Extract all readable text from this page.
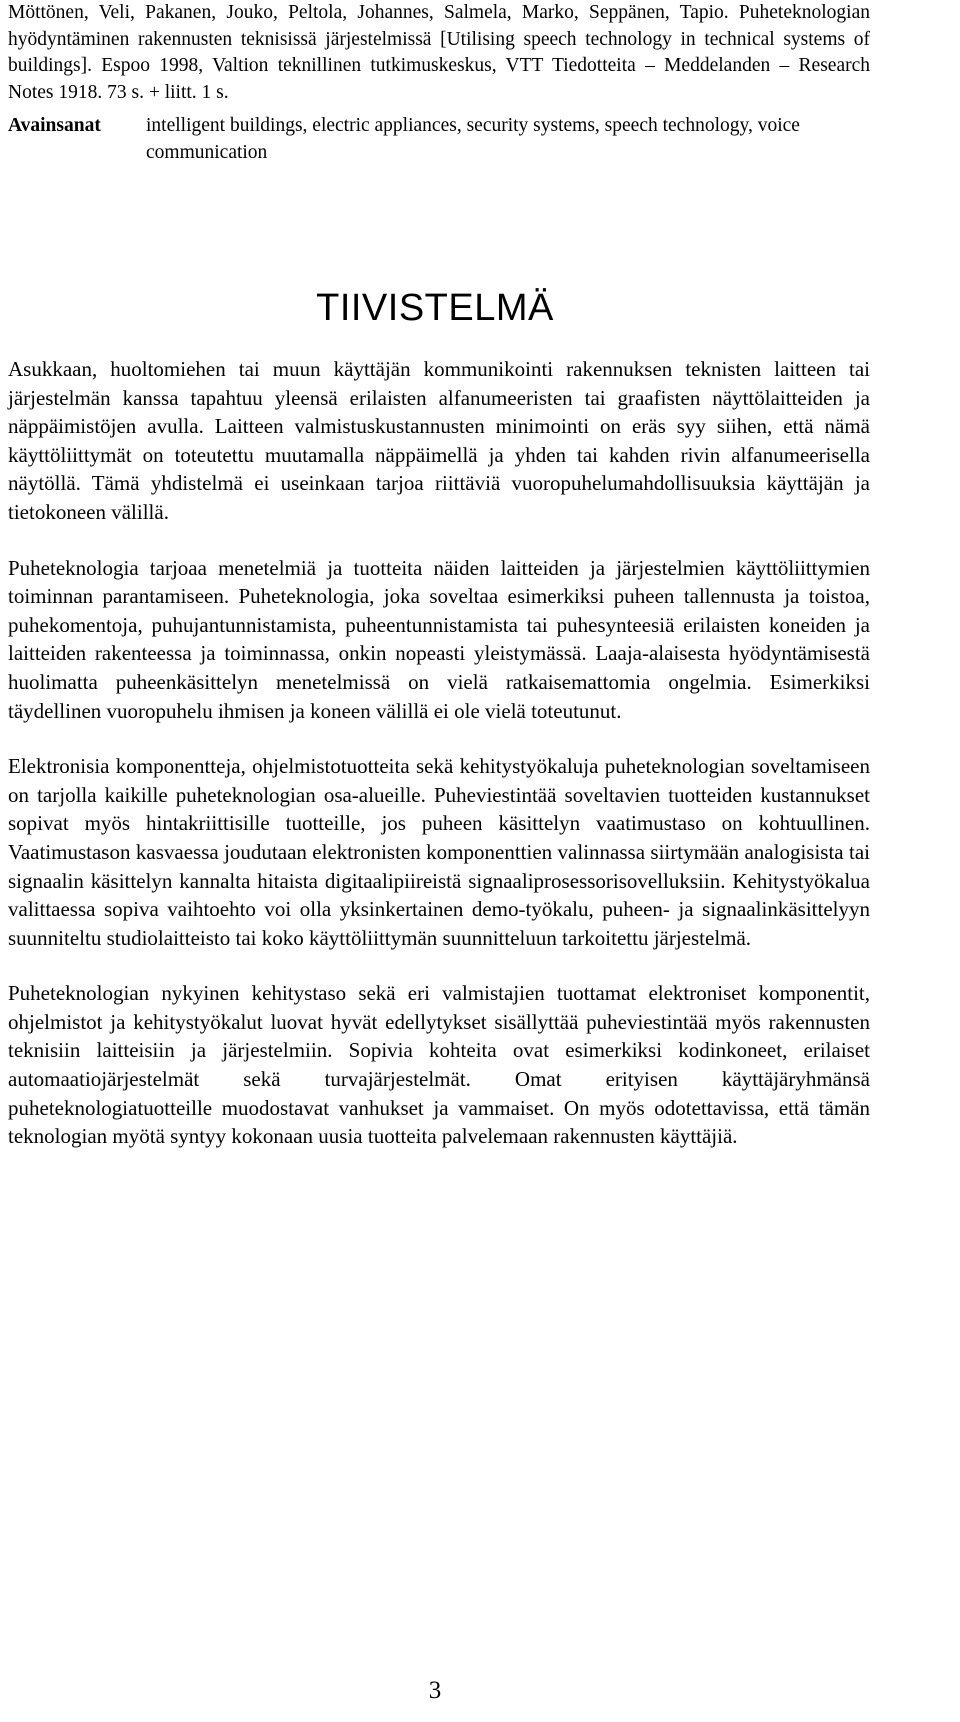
Möttönen, Veli, Pakanen, Jouko, Peltola, Johannes, Salmela, Marko, Seppänen, Tapio. Puheteknologian hyödyntäminen rakennusten teknisissä järjestelmissä [Utilising speech technology in technical systems of buildings]. Espoo 1998, Valtion teknillinen tutkimuskeskus, VTT Tiedotteita – Meddelanden – Research Notes 1918. 73 s. + liitt. 1 s.

Avainsanat	intelligent buildings, electric appliances, security systems, speech technology, voice communication
TIIVISTELMÄ

Asukkaan, huoltomiehen tai muun käyttäjän kommunikointi rakennuksen teknisten laitteen tai järjestelmän kanssa tapahtuu yleensä erilaisten alfanumeeristen tai graafisten näyttölaitteiden ja näppäimistöjen avulla. Laitteen valmistuskustannusten minimointi on eräs syy siihen, että nämä käyttöliittymät on toteutettu muutamalla näppäimellä ja yhden tai kahden rivin alfanumeerisella näytöllä. Tämä yhdistelmä ei useinkaan tarjoa riittäviä vuoropuhelumahdollisuuksia käyttäjän ja tietokoneen välillä.

Puheteknologia tarjoaa menetelmiä ja tuotteita näiden laitteiden ja järjestelmien käyttöliittymien toiminnan parantamiseen. Puheteknologia, joka soveltaa esimerkiksi puheen tallennusta ja toistoa, puhekomentoja, puhujantunnistamista, puheentunnistamista tai puhesynteesiä erilaisten koneiden ja laitteiden rakenteessa ja toiminnassa, onkin nopeasti yleistymässä. Laaja-alaisesta hyödyntämisestä huolimatta puheenkäsittelyn menetelmissä on vielä ratkaisemattomia ongelmia. Esimerkiksi täydellinen vuoropuhelu ihmisen ja koneen välillä ei ole vielä toteutunut.

Elektronisia komponentteja, ohjelmistotuotteita sekä kehitystyökaluja puheteknologian soveltamiseen on tarjolla kaikille puheteknologian osa-alueille. Puheviestintää soveltavien tuotteiden kustannukset sopivat myös hintakriittisille tuotteille, jos puheen käsittelyn vaatimustaso on kohtuullinen. Vaatimustason kasvaessa joudutaan elektronisten komponenttien valinnassa siirtymään analogisista tai signaalin käsittelyn kannalta hitaista digitaalipiireistä signaaliprosessorisovelluksiin. Kehitystyökalua valittaessa sopiva vaihtoehto voi olla yksinkertainen demo-työkalu, puheen- ja signaalinkäsittelyyn suunniteltu studiolaitteisto tai koko käyttöliittymän suunnitteluun tarkoitettu järjestelmä.

Puheteknologian nykyinen kehitystaso sekä eri valmistajien tuottamat elektroniset komponentit, ohjelmistot ja kehitystyökalut luovat hyvät edellytykset sisällyttää puheviestintää myös rakennusten teknisiin laitteisiin ja järjestelmiin. Sopivia kohteita ovat esimerkiksi kodinkoneet, erilaiset automaatiojärjestelmät sekä turvajärjestelmät. Omat erityisen käyttäjäryhmänsä puheteknologiatuotteille muodostavat vanhukset ja vammaiset. On myös odotettavissa, että tämän teknologian myötä syntyy kokonaan uusia tuotteita palvelemaan rakennusten käyttäjiä.

3
